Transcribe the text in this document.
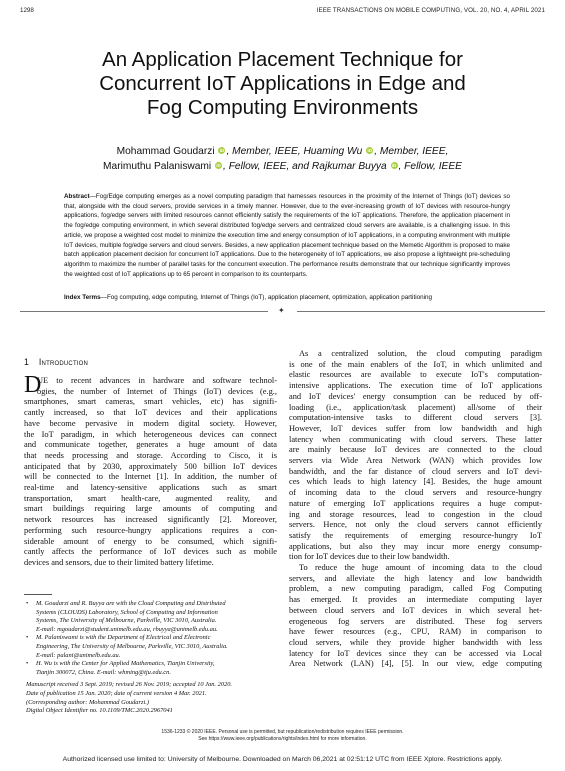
1298	IEEE TRANSACTIONS ON MOBILE COMPUTING, VOL. 20, NO. 4, APRIL 2021
An Application Placement Technique for
Concurrent IoT Applications in Edge and
Fog Computing Environments
Mohammad Goudarzi iD , Member, IEEE, Huaming Wu iD , Member, IEEE,
Marimuthu Palaniswami iD , Fellow, IEEE, and Rajkumar Buyya iD , Fellow, IEEE
Abstract—Fog/Edge computing emerges as a novel computing paradigm that harnesses resources in the proximity of the Internet of Things (IoT) devices so that, alongside with the cloud servers, provide services in a timely manner. However, due to the ever-increasing growth of IoT devices with resource-hungry applications, fog/edge servers with limited resources cannot efficiently satisfy the requirements of the IoT applications. Therefore, the application placement in the fog/edge computing environment, in which several distributed fog/edge servers and centralized cloud servers are available, is a challenging issue. In this article, we propose a weighted cost model to minimize the execution time and energy consumption of IoT applications, in a computing environment with multiple IoT devices, multiple fog/edge servers and cloud servers. Besides, a new application placement technique based on the Memetic Algorithm is proposed to make batch application placement decision for concurrent IoT applications. Due to the heterogeneity of IoT applications, we also propose a lightweight pre-scheduling algorithm to maximize the number of parallel tasks for the concurrent execution. The performance results demonstrate that our technique significantly improves the weighted cost of IoT applications up to 65 percent in comparison to its counterparts.
Index Terms—Fog computing, edge computing, Internet of Things (IoT), application placement, optimization, application partitioning
✦
1 Introduction
D
UE to recent advances in hardware and software technol-
ogies, the number of Internet of Things (IoT) devices (e.g.,
smartphones, smart cameras, smart vehicles, etc) has signifi-
cantly increased, so that IoT devices and their applications
have become pervasive in modern digital society. However,
the IoT paradigm, in which heterogeneous devices can connect
and communicate together, generates a huge amount of data
that needs processing and storage. According to Cisco, it is
anticipated that by 2030, approximately 500 billion IoT devices
will be connected to the Internet [1]. In addition, the number of
real-time and latency-sensitive applications such as smart
transportation, smart health-care, augmented reality, and
smart buildings requiring large amounts of computing and
network resources has increased significantly [2]. Moreover,
performing such resource-hungry applications requires a con-
siderable amount of energy to be consumed, which signifi-
cantly affects the performance of IoT devices such as mobile
devices and sensors, due to their limited battery lifetime.
As a centralized solution, the cloud computing paradigm
is one of the main enablers of the IoT, in which unlimited and
elastic resources are available to execute IoT's computation-
intensive applications. The execution time of IoT applications
and IoT devices' energy consumption can be reduced by off-
loading (i.e., application/task placement) all/some of their
computation-intensive tasks to different cloud servers [3].
However, IoT devices suffer from low bandwidth and high
latency when communicating with cloud servers. These latter
are mainly because IoT devices are connected to the cloud
servers via Wide Area Network (WAN) which provides low
bandwidth, and the far distance of cloud servers and IoT devi-
ces which leads to high latency [4]. Besides, the huge amount
of incoming data to the cloud servers and resource-hungry
nature of emerging IoT applications requires a huge comput-
ing and storage resources, lead to congestion in the cloud
servers. Hence, not only the cloud servers cannot efficiently
satisfy the requirements of emerging resource-hungry IoT
applications, but also they may incur more energy consump-
tion for IoT devices due to their low bandwidth.
To reduce the huge amount of incoming data to the cloud
servers, and alleviate the high latency and low bandwidth
problem, a new computing paradigm, called Fog Computing
has emerged. It provides an intermediate computing layer
between cloud servers and IoT devices in which several het-
erogeneous fog servers are distributed. These fog servers
have fewer resources (e.g., CPU, RAM) in comparison to
cloud servers, while they provide higher bandwidth with less
latency for IoT devices since they can be accessed via Local
Area Network (LAN) [4], [5]. In our view, edge computing
• M. Goudarzi and R. Buyya are with the Cloud Computing and Distributed
Systems (CLOUDS) Laboratory, School of Computing and Information
Systems, The University of Melbourne, Parkville, VIC 3010, Australia.
E-mail: mgoudarzi@student.unimelb.edu.au, rbuyya@unimelb.edu.au.
• M. Palaniswami is with the Department of Electrical and Electronic
Engineering, The University of Melbourne, Parkville, VIC 3010, Australia.
E-mail: palani@unimelb.edu.au.
• H. Wu is with the Center for Applied Mathematics, Tianjin University,
Tianjin 300072, China. E-mail: whming@tju.edu.cn.
Manuscript received 3 Sept. 2019; revised 26 Nov. 2019; accepted 10 Jan. 2020.
Date of publication 15 Jan. 2020; date of current version 4 Mar. 2021.
(Corresponding author: Mohammad Goudarzi.)
Digital Object Identifier no. 10.1109/TMC.2020.2967041
1536-1233 © 2020 IEEE. Personal use is permitted, but republication/redistribution requires IEEE permission.
See https://www.ieee.org/publications/rights/index.html for more information.
Authorized licensed use limited to: University of Melbourne. Downloaded on March 06,2021 at 02:51:12 UTC from IEEE Xplore. Restrictions apply.
